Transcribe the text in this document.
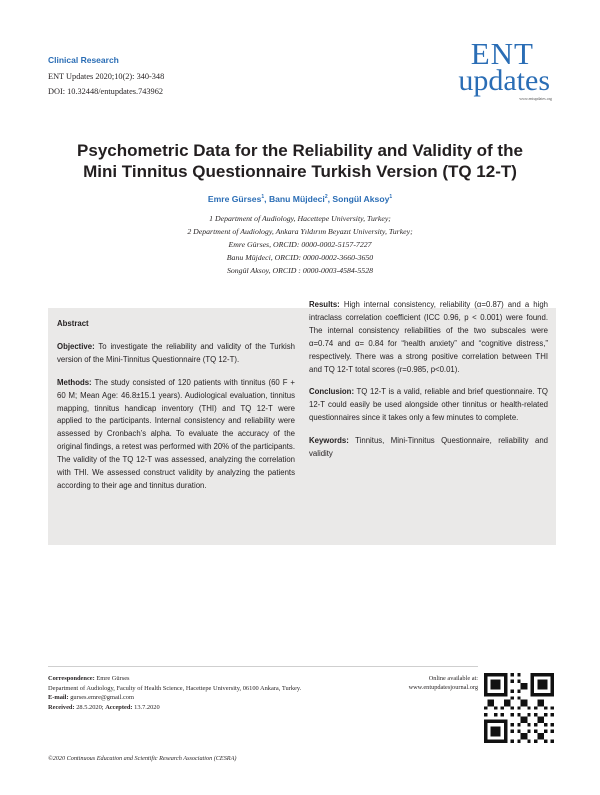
Clinical Research
ENT Updates 2020;10(2): 340-348
DOI: 10.32448/entupdates.743962
ENT
updates
www.entupdates.org
Psychometric Data for the Reliability and Validity of the
Mini Tinnitus Questionnaire Turkish Version (TQ 12-T)
Emre Gürses$^1$, Banu Müjdeci$^2$, Songül Aksoy$^1$
1 Department of Audiology, Hacettepe University, Turkey;
2 Department of Audiology, Ankara Yıldırım Beyazıt University, Turkey;
Emre Gürses, ORCID: 0000-0002-5157-7227
Banu Müjdeci, ORCID: 0000-0002-3660-3650
Songül Aksoy, ORCID : 0000-0003-4584-5528

Abstract

Objective: To investigate the reliability and validity of the Turkish version of the Mini-Tinnitus Questionnaire (TQ 12-T).

Methods: The study consisted of 120 patients with tinnitus (60 F + 60 M; Mean Age: 46.8±15.1 years). Audiological evaluation, tinnitus mapping, tinnitus handicap inventory (THI) and TQ 12-T were applied to the participants. Internal consistency and reliability were assessed by Cronbach’s alpha. To evaluate the accuracy of the original findings, a retest was performed with 20% of the participants. The validity of the TQ 12-T was assessed, analyzing the correlation with THI. We assessed construct validity by analyzing the patients according to their age and tinnitus duration.

Results: High internal consistency, reliability (α=0.87) and a high intraclass correlation coefficient (ICC 0.96, p < 0.001) were found. The internal consistency reliabilities of the two subscales were α=0.74 and α= 0.84 for “health anxiety” and “cognitive distress,” respectively. There was a strong positive correlation between THI and TQ 12-T total scores (r=0.985, p<0.01).

Conclusion: TQ 12-T is a valid, reliable and brief questionnaire. TQ 12-T could easily be used alongside other tinnitus or health-related questionnaires since it takes only a few minutes to complete.

Keywords: Tinnitus, Mini-Tinnitus Questionnaire, reliability and validity

Correspondence: Emre Gürses
Department of Audiology, Faculty of Health Science, Hacettepe University, 06100 Ankara, Turkey.
E-mail: gurses.emre@gmail.com
Received: 28.5.2020; Accepted: 13.7.2020
Online available at:
www.entupdatesjournal.org
©2020 Continuous Education and Scientific Research Association (CESRA)
